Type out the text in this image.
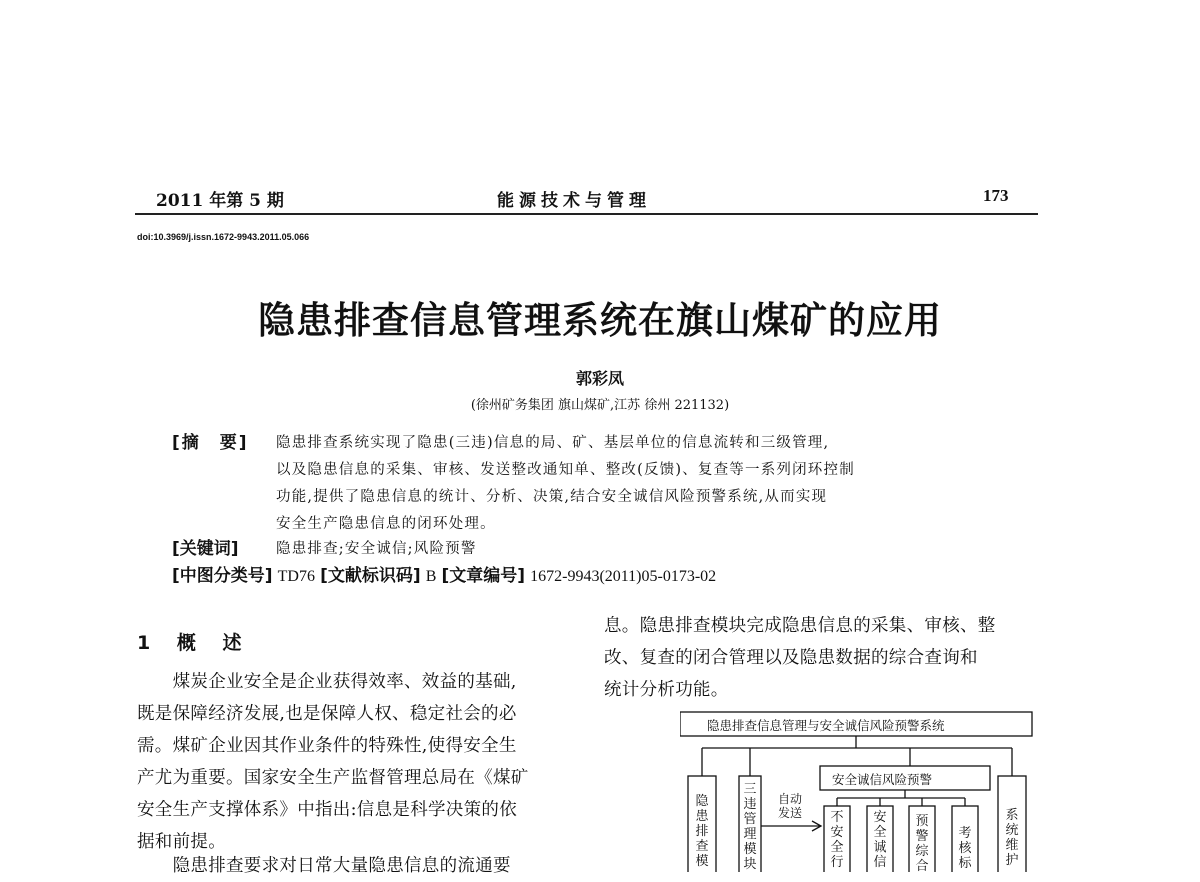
2011 年第 5 期	能源技术与管理	173
doi:10.3969/j.issn.1672-9943.2011.05.066
隐患排查信息管理系统在旗山煤矿的应用
郭彩凤
(徐州矿务集团 旗山煤矿,江苏 徐州 221132)
[摘　要] 隐患排查系统实现了隐患(三违)信息的局、矿、基层单位的信息流转和三级管理,
以及隐患信息的采集、审核、发送整改通知单、整改(反馈)、复查等一系列闭环控制
功能,提供了隐患信息的统计、分析、决策,结合安全诚信风险预警系统,从而实现
安全生产隐患信息的闭环处理。
[关键词]	隐患排查;安全诚信;风险预警
[中图分类号] TD76 [文献标识码] B [文章编号] 1672-9943(2011)05-0173-02
1 概 述
　　煤炭企业安全是企业获得效率、效益的基础,
既是保障经济发展,也是保障人权、稳定社会的必
需。煤矿企业因其作业条件的特殊性,使得安全生
产尤为重要。国家安全生产监督管理总局在《煤矿
安全生产支撑体系》中指出:信息是科学决策的依
据和前提。
　　隐患排查要求对日常大量隐患信息的流通要
息。隐患排查模块完成隐患信息的采集、审核、整
改、复查的闭合管理以及隐患数据的综合查询和
统计分析功能。
隐患排查信息管理与安全诚信风险预警系统
安全诚信风险预警
自动
发送
隐患排查模
三违管理模块
不安全行
安全诚信
预警综合
考核标
系统维护
